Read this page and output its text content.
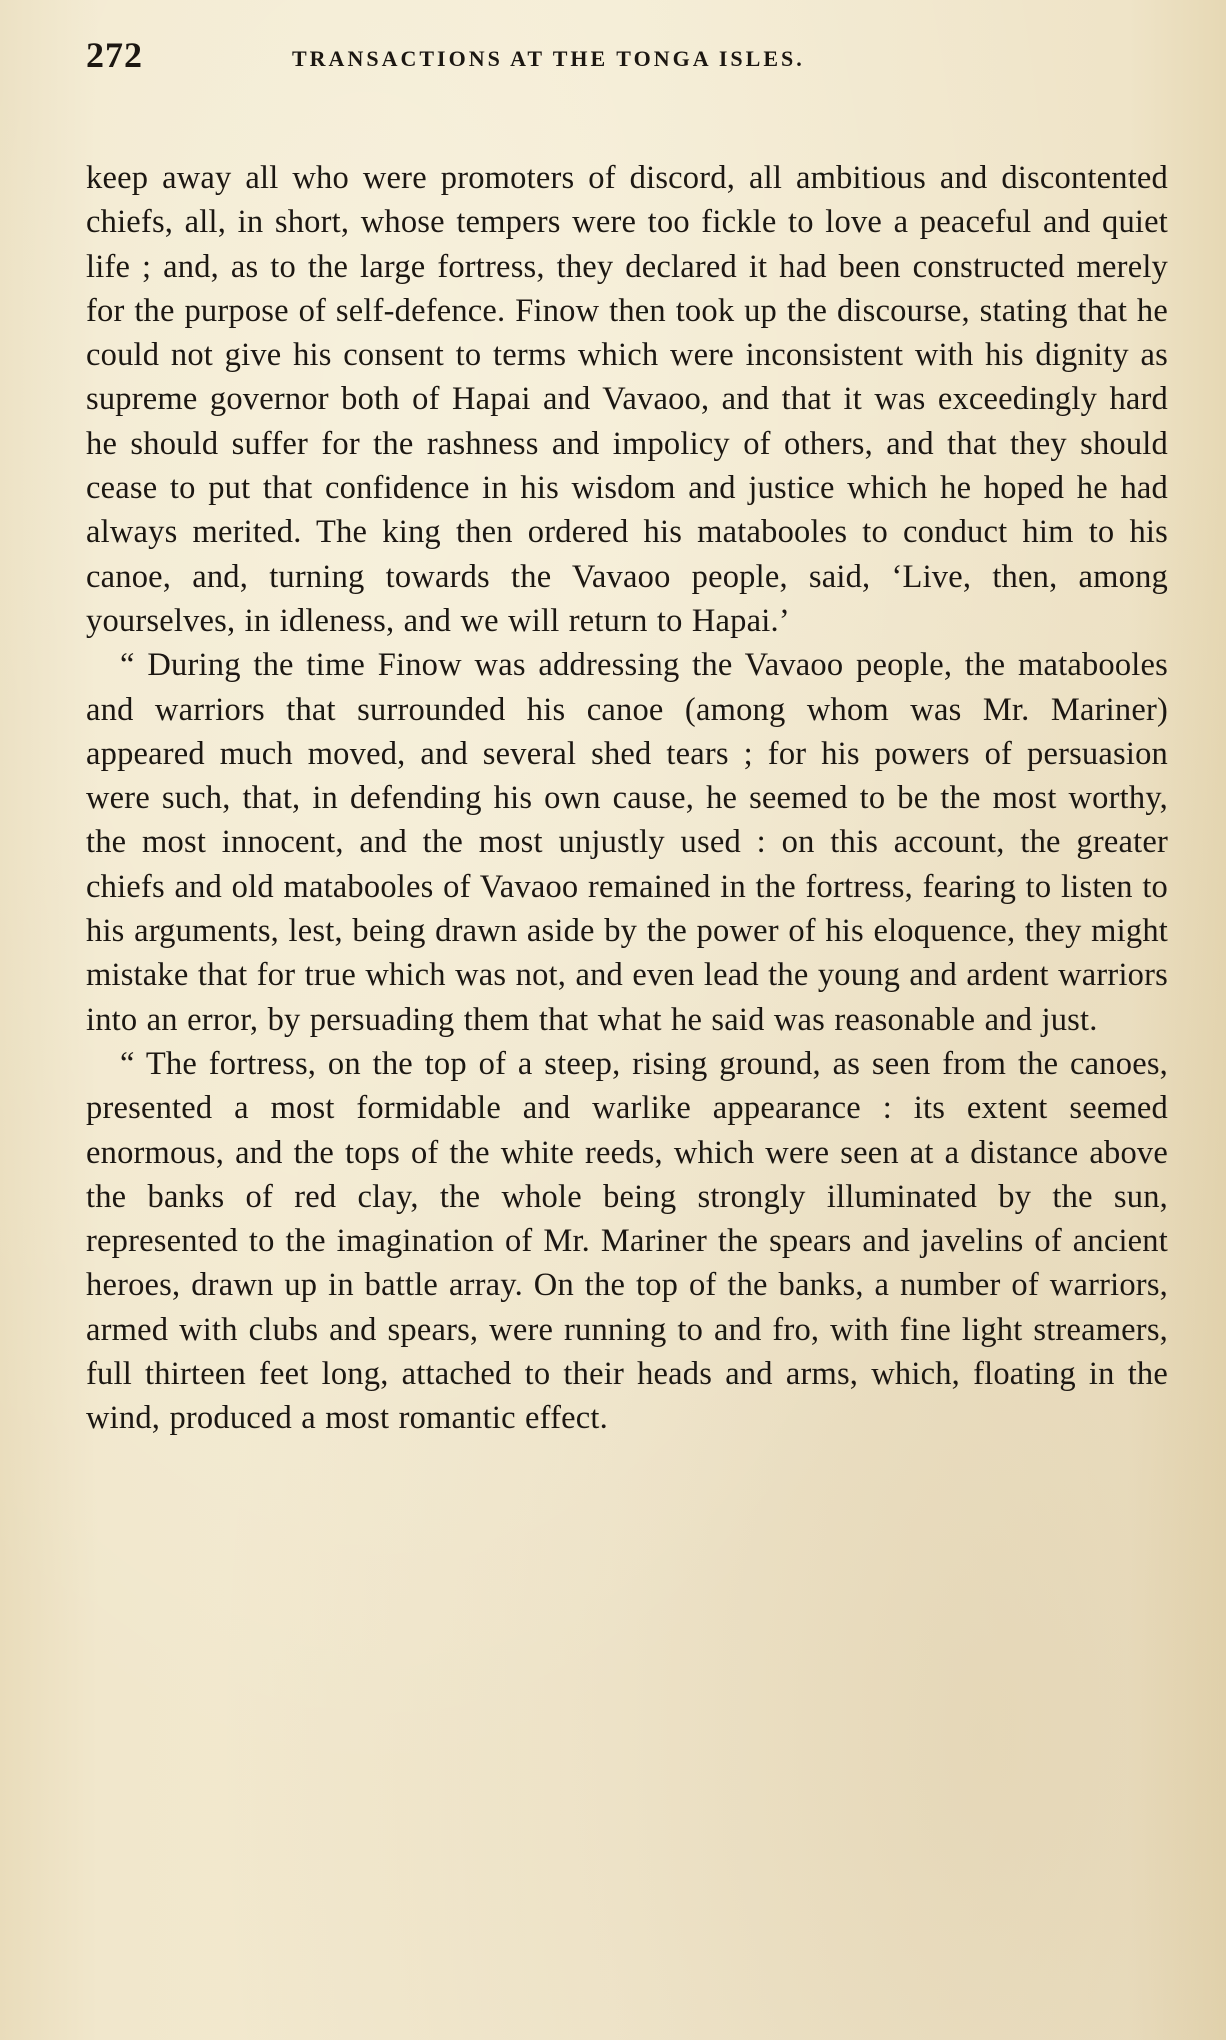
272	TRANSACTIONS AT THE TONGA ISLES.

keep away all who were promoters of discord, all ambitious and discontented chiefs, all, in short, whose tempers were too fickle to love a peaceful and quiet life ; and, as to the large fortress, they declared it had been constructed merely for the purpose of self-defence. Finow then took up the discourse, stating that he could not give his consent to terms which were inconsistent with his dignity as supreme governor both of Hapai and Vavaoo, and that it was exceedingly hard he should suffer for the rashness and impolicy of others, and that they should cease to put that confidence in his wisdom and justice which he hoped he had always merited. The king then ordered his matabooles to conduct him to his canoe, and, turning towards the Vavaoo people, said, ‘Live, then, among yourselves, in idleness, and we will return to Hapai.’

“ During the time Finow was addressing the Vavaoo people, the matabooles and warriors that surrounded his canoe (among whom was Mr. Mariner) appeared much moved, and several shed tears ; for his powers of persuasion were such, that, in defending his own cause, he seemed to be the most worthy, the most innocent, and the most unjustly used : on this account, the greater chiefs and old matabooles of Vavaoo remained in the fortress, fearing to listen to his arguments, lest, being drawn aside by the power of his eloquence, they might mistake that for true which was not, and even lead the young and ardent warriors into an error, by persuading them that what he said was reasonable and just.

“ The fortress, on the top of a steep, rising ground, as seen from the canoes, presented a most formidable and warlike appearance : its extent seemed enormous, and the tops of the white reeds, which were seen at a distance above the banks of red clay, the whole being strongly illuminated by the sun, represented to the imagination of Mr. Mariner the spears and javelins of ancient heroes, drawn up in battle array. On the top of the banks, a number of warriors, armed with clubs and spears, were running to and fro, with fine light streamers, full thirteen feet long, attached to their heads and arms, which, floating in the wind, produced a most romantic effect.
